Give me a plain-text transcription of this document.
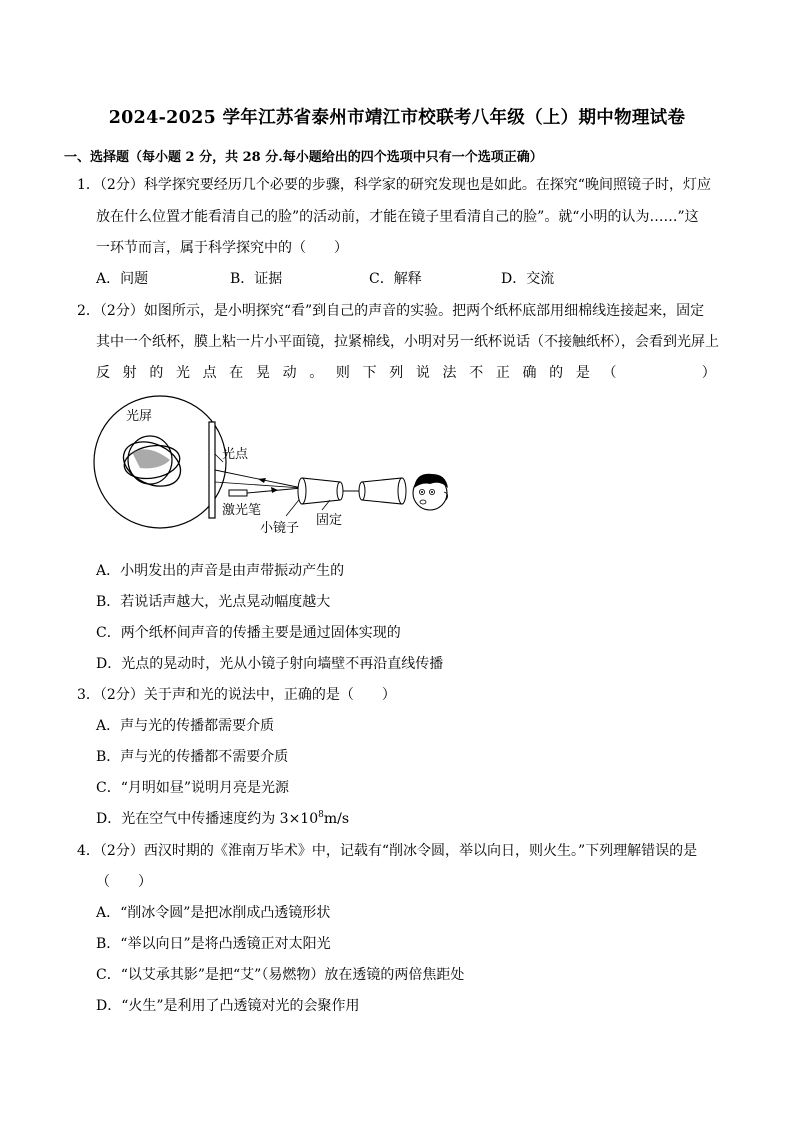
2024-2025 学年江苏省泰州市靖江市校联考八年级（上）期中物理试卷
一、选择题（每小题 2 分，共 28 分.每小题给出的四个选项中只有一个选项正确）
1．（2分）科学探究要经历几个必要的步骤，科学家的研究发现也是如此。在探究“晚间照镜子时，灯应
放在什么位置才能看清自己的脸”的活动前，才能在镜子里看清自己的脸”。就“小明的认为……”这
一环节而言，属于科学探究中的（　　）
A．问题	B．证据	C．解释	D．交流
2．（2分）如图所示，是小明探究“看”到自己的声音的实验。把两个纸杯底部用细棉线连接起来，固定
其中一个纸杯，膜上粘一片小平面镜，拉紧棉线，小明对另一纸杯说话（不接触纸杯），会看到光屏上
反 射 的 光 点 在 晃 动 。 则 下 列 说 法 不 正 确 的 是 （	）
光屏
光点
激光笔
小镜子
固定
A．小明发出的声音是由声带振动产生的
B．若说话声越大，光点晃动幅度越大
C．两个纸杯间声音的传播主要是通过固体实现的
D．光点的晃动时，光从小镜子射向墙壁不再沿直线传播
3．（2分）关于声和光的说法中，正确的是（　　）
A．声与光的传播都需要介质
B．声与光的传播都不需要介质
C．“月明如昼”说明月亮是光源
D．光在空气中传播速度约为 $3\times 10^8m/s$
4．（2分）西汉时期的《淮南万毕术》中，记载有“削冰令圆，举以向日，则火生。”下列理解错误的是
（　　）
A．“削冰令圆”是把冰削成凸透镜形状
B．“举以向日”是将凸透镜正对太阳光
C．“以艾承其影”是把“艾”（易燃物）放在透镜的两倍焦距处
D．“火生”是利用了凸透镜对光的会聚作用
